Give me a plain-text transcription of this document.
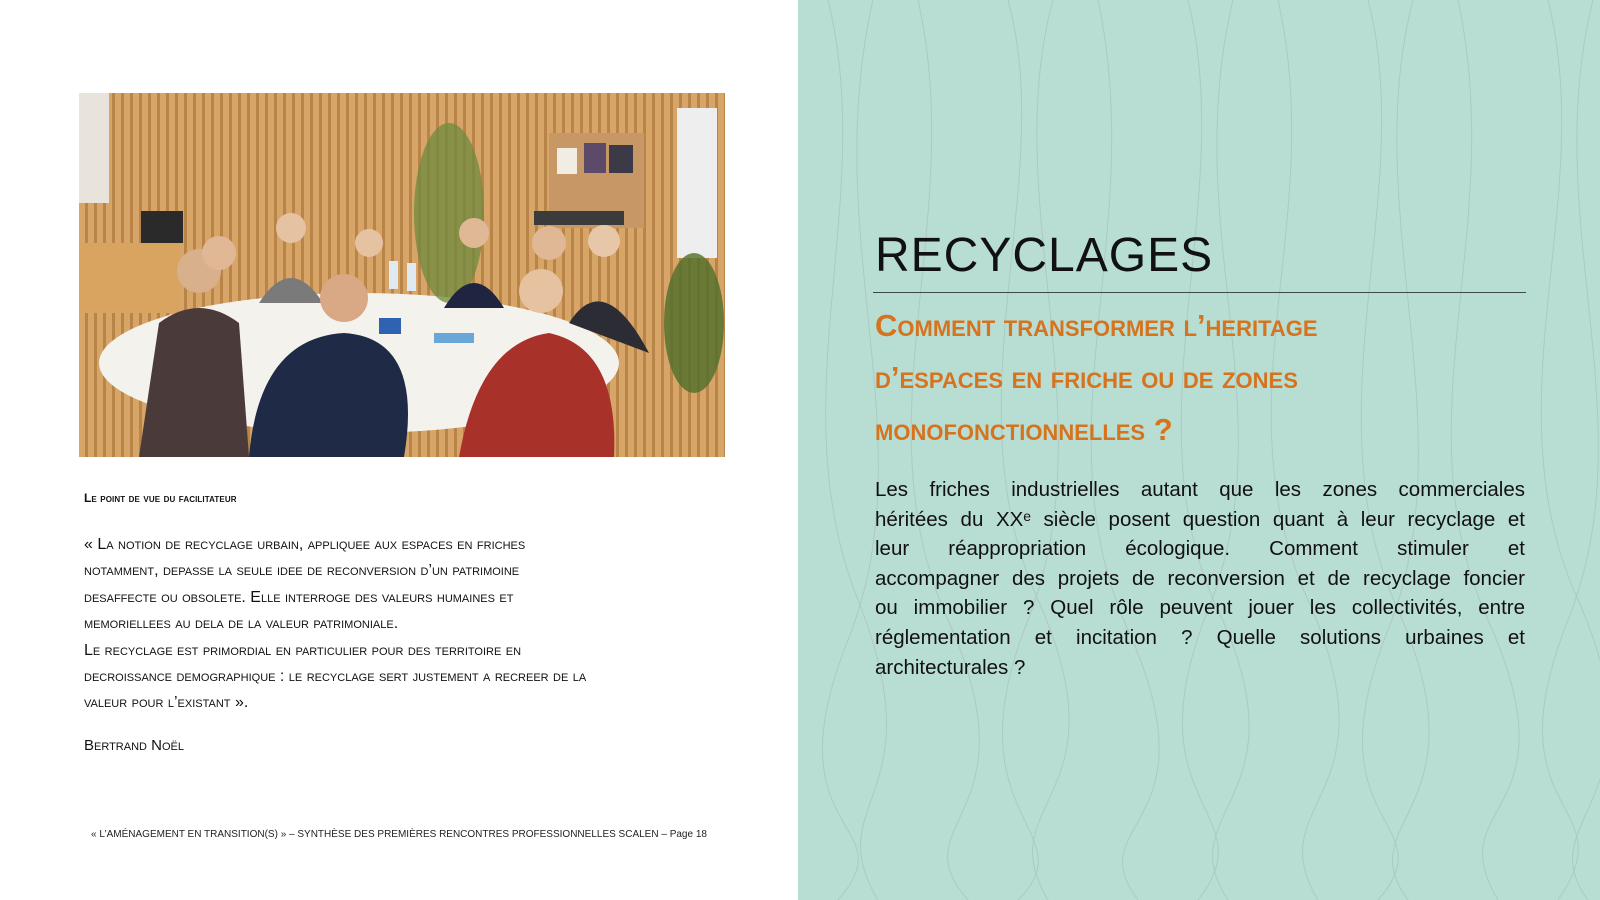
Le point de vue du facilitateur

« La notion de recyclage urbain, appliquee aux espaces en friches
notamment, depasse la seule idee de reconversion d’un patrimoine
desaffecte ou obsolete. Elle interroge des valeurs humaines et
memoriellees au dela de la valeur patrimoniale.
Le recyclage est primordial en particulier pour des territoire en
decroissance demographique : le recyclage sert justement a recreer de la
valeur pour l’existant ».

Bertrand Noël
« L’AMÉNAGEMENT EN TRANSITION(S) » – SYNTHÈSE DES PREMIÈRES RENCONTRES PROFESSIONNELLES SCALEN – Page 18
RECYCLAGES

Comment transformer l’heritage
d’espaces en friche ou de zones
monofonctionnelles ?

Les friches industrielles autant que les zones commerciales
héritées du XXᵉ siècle posent question quant à leur recyclage et
leur réappropriation écologique. Comment stimuler et
accompagner des projets de reconversion et de recyclage foncier
ou immobilier ? Quel rôle peuvent jouer les collectivités, entre
réglementation et incitation ? Quelle solutions urbaines et
architecturales ?
